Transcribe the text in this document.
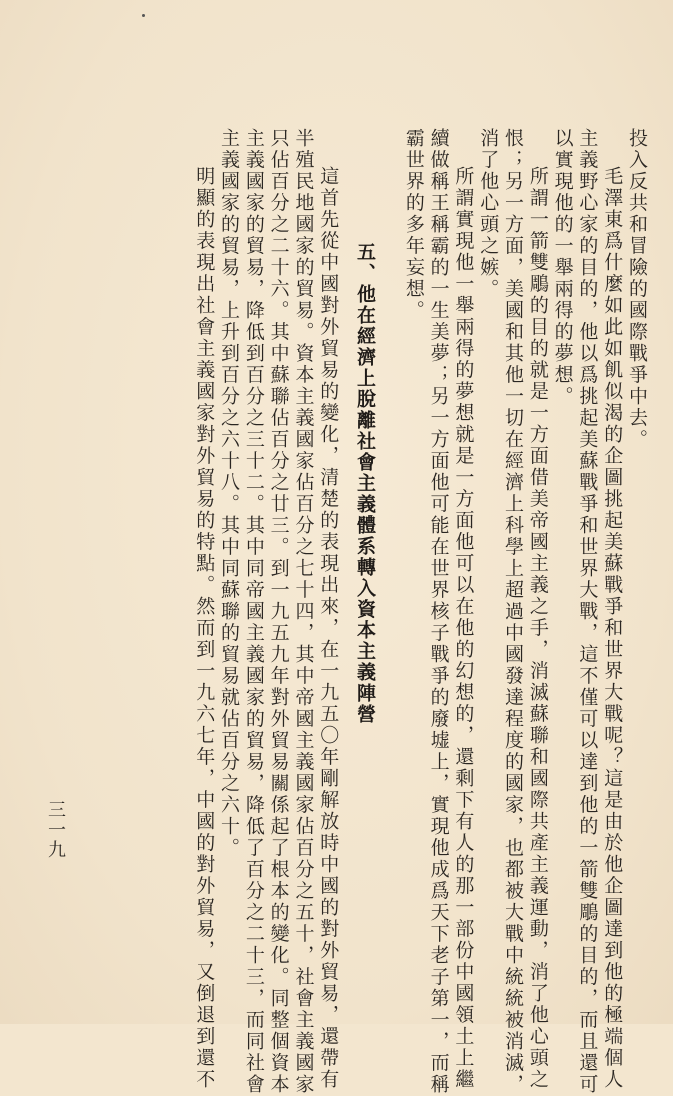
投入反共和冒險的國際戰爭中去。
毛澤東爲什麼如此如飢似渴的企圖挑起美蘇戰爭和世界大戰呢？這是由於他企圖達到他的極端個人
主義野心家的目的，他以爲挑起美蘇戰爭和世界大戰，這不僅可以達到他的一箭雙鵰的目的，而且還可
以實現他的一舉兩得的夢想。
所謂一箭雙鵰的目的就是一方面借美帝國主義之手，消滅蘇聯和國際共產主義運動，消了他心頭之
恨；另一方面，美國和其他一切在經濟上科學上超過中國發達程度的國家，也都被大戰中統統被消滅，
消了他心頭之嫉。
所謂實現他一舉兩得的夢想就是一方面他可以在他的幻想的，還剩下有人的那一部份中國領土上繼
續做稱王稱霸的一生美夢；另一方面他可能在世界核子戰爭的廢墟上，實現他成爲天下老子第一，而稱
霸世界的多年妄想。
五、他在經濟上脫離社會主義體系轉入資本主義陣營
這首先從中國對外貿易的變化，清楚的表現出來，在一九五〇年剛解放時中國的對外貿易，還帶有
半殖民地國家的貿易。資本主義國家佔百分之七十四，其中帝國主義國家佔百分之五十，社會主義國家
只佔百分之二十六。其中蘇聯佔百分之廿三。到一九五九年對外貿易關係起了根本的變化。同整個資本
主義國家的貿易，降低到百分之三十二。其中同帝國主義國家的貿易，降低了百分之二十三，而同社會
主義國家的貿易，上升到百分之六十八。其中同蘇聯的貿易就佔百分之六十。
明顯的表現出社會主義國家對外貿易的特點。然而到一九六七年，中國的對外貿易，又倒退到還不
三一九
